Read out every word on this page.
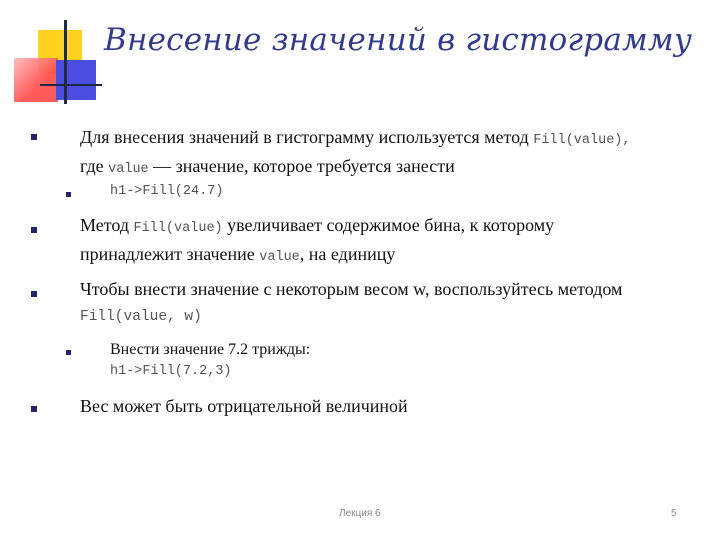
Внесение значений в гистограмму
Для внесения значений в гистограмму используется метод Fill(value),
где value — значение, которое требуется занести
h1->Fill(24.7)
Метод Fill(value) увеличивает содержимое бина, к которому
принадлежит значение value, на единицу
Чтобы внести значение с некоторым весом w, воспользуйтесь методом
Fill(value, w)
Внести значение 7.2 трижды:
h1->Fill(7.2,3)
Вес может быть отрицательной величиной
Лекция 6	5
